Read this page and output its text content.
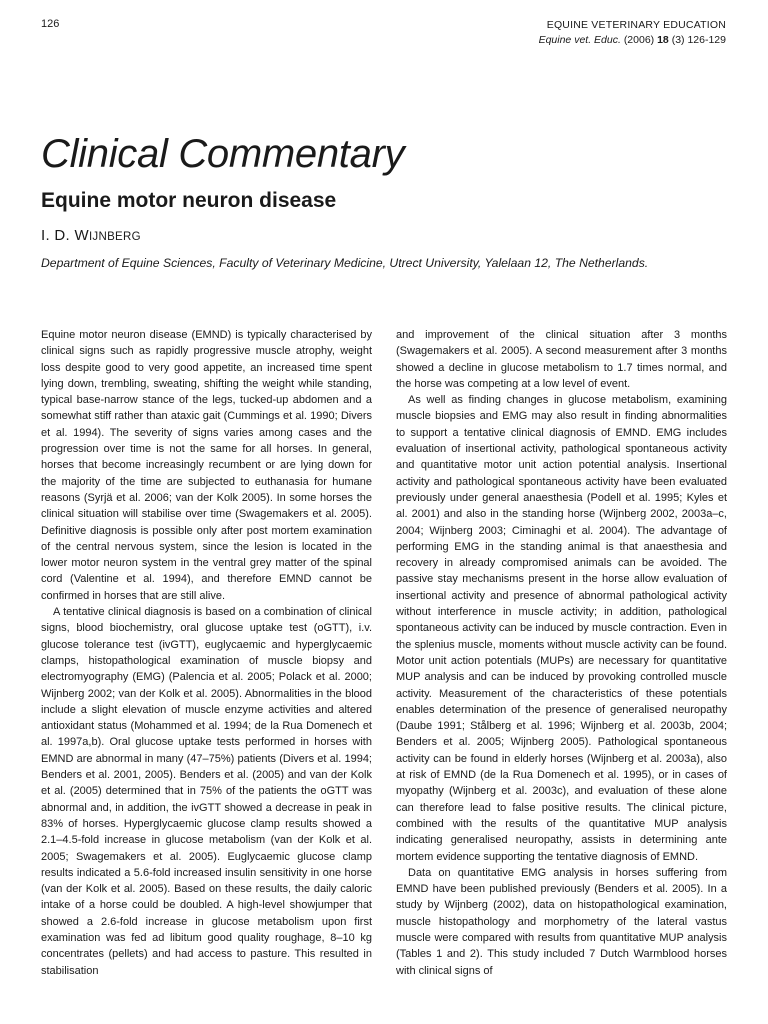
126	EQUINE VETERINARY EDUCATION
Equine vet. Educ. (2006) 18 (3) 126-129
Clinical Commentary
Equine motor neuron disease
I. D. WIJNBERG
Department of Equine Sciences, Faculty of Veterinary Medicine, Utrect University, Yalelaan 12, The Netherlands.

Equine motor neuron disease (EMND) is typically characterised by clinical signs such as rapidly progressive muscle atrophy, weight loss despite good to very good appetite, an increased time spent lying down, trembling, sweating, shifting the weight while standing, typical base-narrow stance of the legs, tucked-up abdomen and a somewhat stiff rather than ataxic gait (Cummings et al. 1990; Divers et al. 1994). The severity of signs varies among cases and the progression over time is not the same for all horses. In general, horses that become increasingly recumbent or are lying down for the majority of the time are subjected to euthanasia for humane reasons (Syrjä et al. 2006; van der Kolk 2005). In some horses the clinical situation will stabilise over time (Swagemakers et al. 2005). Definitive diagnosis is possible only after post mortem examination of the central nervous system, since the lesion is located in the lower motor neuron system in the ventral grey matter of the spinal cord (Valentine et al. 1994), and therefore EMND cannot be confirmed in horses that are still alive.

A tentative clinical diagnosis is based on a combination of clinical signs, blood biochemistry, oral glucose uptake test (oGTT), i.v. glucose tolerance test (ivGTT), euglycaemic and hyperglycaemic clamps, histopathological examination of muscle biopsy and electromyography (EMG) (Palencia et al. 2005; Polack et al. 2000; Wijnberg 2002; van der Kolk et al. 2005). Abnormalities in the blood include a slight elevation of muscle enzyme activities and altered antioxidant status (Mohammed et al. 1994; de la Rua Domenech et al. 1997a,b). Oral glucose uptake tests performed in horses with EMND are abnormal in many (47–75%) patients (Divers et al. 1994; Benders et al. 2001, 2005). Benders et al. (2005) and van der Kolk et al. (2005) determined that in 75% of the patients the oGTT was abnormal and, in addition, the ivGTT showed a decrease in peak in 83% of horses. Hyperglycaemic glucose clamp results showed a 2.1–4.5-fold increase in glucose metabolism (van der Kolk et al. 2005; Swagemakers et al. 2005). Euglycaemic glucose clamp results indicated a 5.6-fold increased insulin sensitivity in one horse (van der Kolk et al. 2005). Based on these results, the daily caloric intake of a horse could be doubled. A high-level showjumper that showed a 2.6-fold increase in glucose metabolism upon first examination was fed ad libitum good quality roughage, 8–10 kg concentrates (pellets) and had access to pasture. This resulted in stabilisation

and improvement of the clinical situation after 3 months (Swagemakers et al. 2005). A second measurement after 3 months showed a decline in glucose metabolism to 1.7 times normal, and the horse was competing at a low level of event.

As well as finding changes in glucose metabolism, examining muscle biopsies and EMG may also result in finding abnormalities to support a tentative clinical diagnosis of EMND. EMG includes evaluation of insertional activity, pathological spontaneous activity and quantitative motor unit action potential analysis. Insertional activity and pathological spontaneous activity have been evaluated previously under general anaesthesia (Podell et al. 1995; Kyles et al. 2001) and also in the standing horse (Wijnberg 2002, 2003a–c, 2004; Wijnberg 2003; Ciminaghi et al. 2004). The advantage of performing EMG in the standing animal is that anaesthesia and recovery in already compromised animals can be avoided. The passive stay mechanisms present in the horse allow evaluation of insertional activity and presence of abnormal pathological activity without interference in muscle activity; in addition, pathological spontaneous activity can be induced by muscle contraction. Even in the splenius muscle, moments without muscle activity can be found. Motor unit action potentials (MUPs) are necessary for quantitative MUP analysis and can be induced by provoking controlled muscle activity. Measurement of the characteristics of these potentials enables determination of the presence of generalised neuropathy (Daube 1991; Stålberg et al. 1996; Wijnberg et al. 2003b, 2004; Benders et al. 2005; Wijnberg 2005). Pathological spontaneous activity can be found in elderly horses (Wijnberg et al. 2003a), also at risk of EMND (de la Rua Domenech et al. 1995), or in cases of myopathy (Wijnberg et al. 2003c), and evaluation of these alone can therefore lead to false positive results. The clinical picture, combined with the results of the quantitative MUP analysis indicating generalised neuropathy, assists in determining ante mortem evidence supporting the tentative diagnosis of EMND.

Data on quantitative EMG analysis in horses suffering from EMND have been published previously (Benders et al. 2005). In a study by Wijnberg (2002), data on histopathological examination, muscle histopathology and morphometry of the lateral vastus muscle were compared with results from quantitative MUP analysis (Tables 1 and 2). This study included 7 Dutch Warmblood horses with clinical signs of
